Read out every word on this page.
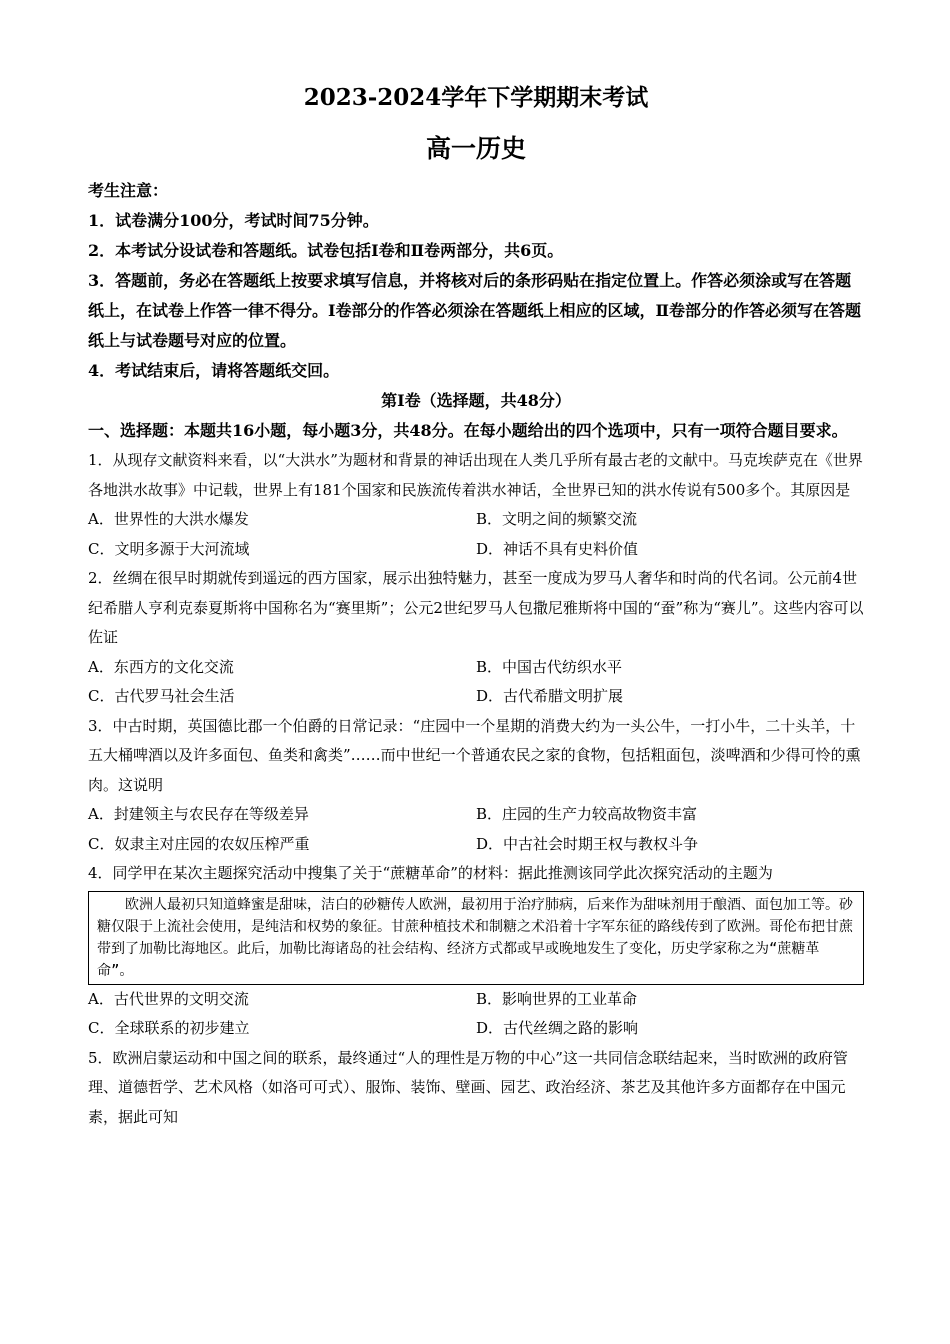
2023-2024学年下学期期末考试
高一历史

考生注意：

1．试卷满分100分，考试时间75分钟。

2．本考试分设试卷和答题纸。试卷包括Ⅰ卷和Ⅱ卷两部分，共6页。

3．答题前，务必在答题纸上按要求填写信息，并将核对后的条形码贴在指定位置上。作答必须涂或写在答题纸上，在试卷上作答一律不得分。Ⅰ卷部分的作答必须涂在答题纸上相应的区域，Ⅱ卷部分的作答必须写在答题纸上与试卷题号对应的位置。

4．考试结束后，请将答题纸交回。

第Ⅰ卷（选择题，共48分）

一、选择题：本题共16小题，每小题3分，共48分。在每小题给出的四个选项中，只有一项符合题目要求。

1．从现存文献资料来看，以“大洪水”为题材和背景的神话出现在人类几乎所有最古老的文献中。马克埃萨克在《世界各地洪水故事》中记载，世界上有181个国家和民族流传着洪水神话，全世界已知的洪水传说有500多个。其原因是

A．世界性的大洪水爆发	B．文明之间的频繁交流
C．文明多源于大河流域	D．神话不具有史料价值

2．丝绸在很早时期就传到遥远的西方国家，展示出独特魅力，甚至一度成为罗马人奢华和时尚的代名词。公元前4世纪希腊人亨利克泰夏斯将中国称名为“赛里斯”；公元2世纪罗马人包撒尼雅斯将中国的“蚕”称为“赛儿”。这些内容可以佐证

A．东西方的文化交流	B．中国古代纺织水平
C．古代罗马社会生活	D．古代希腊文明扩展

3．中古时期，英国德比郡一个伯爵的日常记录：“庄园中一个星期的消费大约为一头公牛，一打小牛，二十头羊，十五大桶啤酒以及许多面包、鱼类和禽类”……而中世纪一个普通农民之家的食物，包括粗面包，淡啤酒和少得可怜的熏肉。这说明

A．封建领主与农民存在等级差异	B．庄园的生产力较高故物资丰富
C．奴隶主对庄园的农奴压榨严重	D．中古社会时期王权与教权斗争

4．同学甲在某次主题探究活动中搜集了关于“蔗糖革命”的材料：据此推测该同学此次探究活动的主题为

欧洲人最初只知道蜂蜜是甜味，洁白的砂糖传人欧洲，最初用于治疗肺病，后来作为甜味剂用于酿酒、面包加工等。砂糖仅限于上流社会使用，是纯洁和权势的象征。甘蔗种植技术和制糖之术沿着十字军东征的路线传到了欧洲。哥伦布把甘蔗带到了加勒比海地区。此后，加勒比海诸岛的社会结构、经济方式都或早或晚地发生了变化，历史学家称之为“蔗糖革命”。
A．古代世界的文明交流	B．影响世界的工业革命
C．全球联系的初步建立	D．古代丝绸之路的影响

5．欧洲启蒙运动和中国之间的联系，最终通过“人的理性是万物的中心”这一共同信念联结起来，当时欧洲的政府管理、道德哲学、艺术风格（如洛可可式）、服饰、装饰、壁画、园艺、政治经济、茶艺及其他许多方面都存在中国元素，据此可知
